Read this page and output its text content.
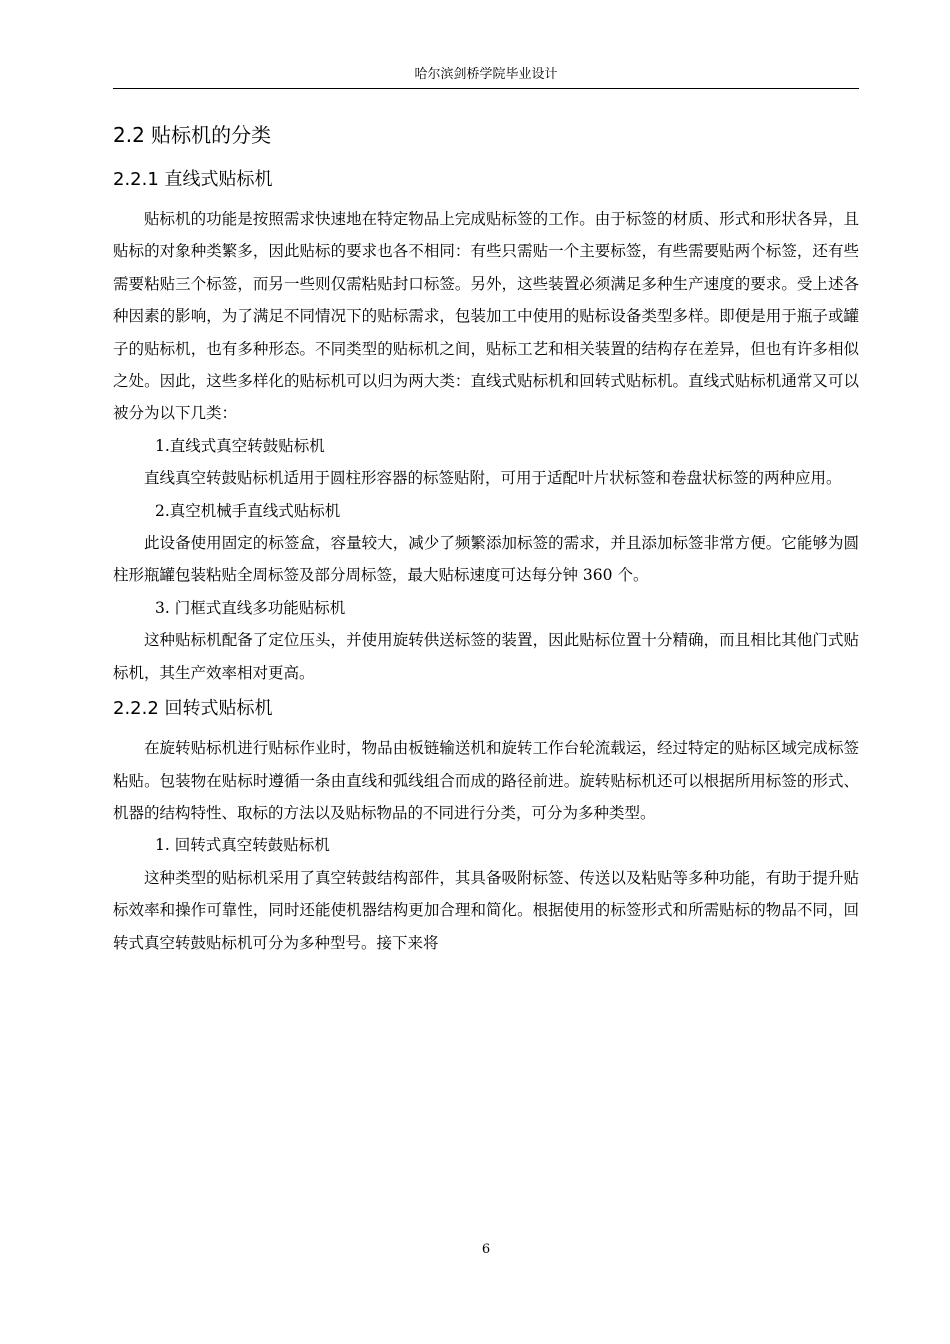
哈尔滨剑桥学院毕业设计
2.2 贴标机的分类
2.2.1 直线式贴标机

贴标机的功能是按照需求快速地在特定物品上完成贴标签的工作。由于标签的材质、形式和形状各异，且贴标的对象种类繁多，因此贴标的要求也各不相同：有些只需贴一个主要标签，有些需要贴两个标签，还有些需要粘贴三个标签，而另一些则仅需粘贴封口标签。另外，这些装置必须满足多种生产速度的要求。受上述各种因素的影响，为了满足不同情况下的贴标需求，包装加工中使用的贴标设备类型多样。即便是用于瓶子或罐子的贴标机，也有多种形态。不同类型的贴标机之间，贴标工艺和相关装置的结构存在差异，但也有许多相似之处。因此，这些多样化的贴标机可以归为两大类：直线式贴标机和回转式贴标机。直线式贴标机通常又可以被分为以下几类：

1.直线式真空转鼓贴标机

直线真空转鼓贴标机适用于圆柱形容器的标签贴附，可用于适配叶片状标签和卷盘状标签的两种应用。

2.真空机械手直线式贴标机

此设备使用固定的标签盒，容量较大，减少了频繁添加标签的需求，并且添加标签非常方便。它能够为圆柱形瓶罐包装粘贴全周标签及部分周标签，最大贴标速度可达每分钟 360 个。

3. 门框式直线多功能贴标机

这种贴标机配备了定位压头，并使用旋转供送标签的装置，因此贴标位置十分精确，而且相比其他门式贴标机，其生产效率相对更高。

2.2.2 回转式贴标机

在旋转贴标机进行贴标作业时，物品由板链输送机和旋转工作台轮流载运，经过特定的贴标区域完成标签粘贴。包装物在贴标时遵循一条由直线和弧线组合而成的路径前进。旋转贴标机还可以根据所用标签的形式、机器的结构特性、取标的方法以及贴标物品的不同进行分类，可分为多种类型。

1. 回转式真空转鼓贴标机

这种类型的贴标机采用了真空转鼓结构部件，其具备吸附标签、传送以及粘贴等多种功能，有助于提升贴标效率和操作可靠性，同时还能使机器结构更加合理和简化。根据使用的标签形式和所需贴标的物品不同，回转式真空转鼓贴标机可分为多种型号。接下来将

6
